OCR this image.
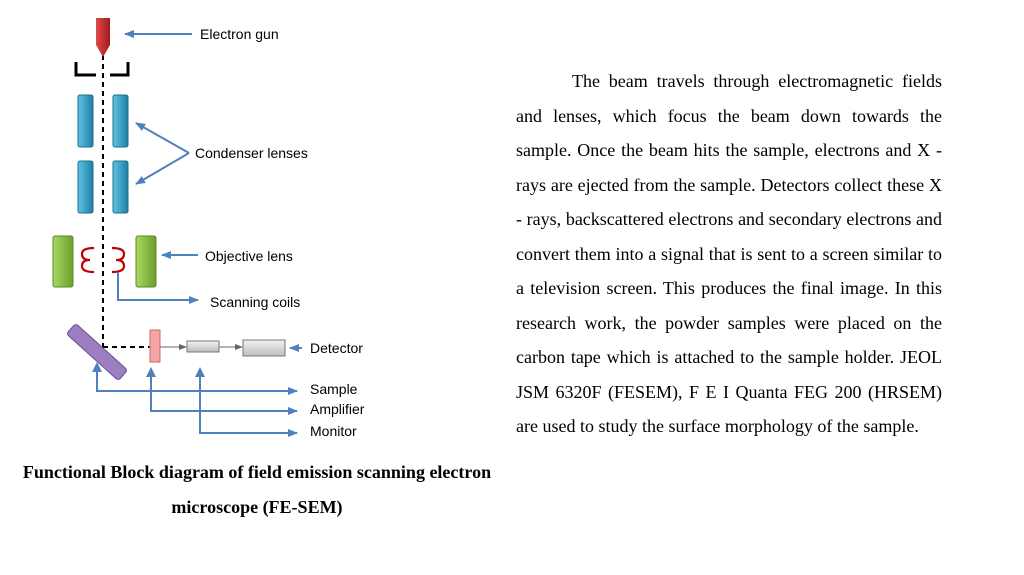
Electron gun
Condenser lenses
Objective lens
Scanning coils
Detector
Sample
Amplifier
Monitor

Functional Block diagram of field emission scanning electron microscope (FE-SEM)

The beam travels through electromagnetic fields and lenses, which focus the beam down towards the sample. Once the beam hits the sample, electrons and X - rays are ejected from the sample. Detectors collect these X - rays, backscattered electrons and secondary electrons and convert them into a signal that is sent to a screen similar to a television screen. This produces the final image. In this research work, the powder samples were placed on the carbon tape which is attached to the sample holder. JEOL JSM 6320F (FESEM), F E I Quanta FEG 200 (HRSEM) are used to study the surface morphology of the sample.
